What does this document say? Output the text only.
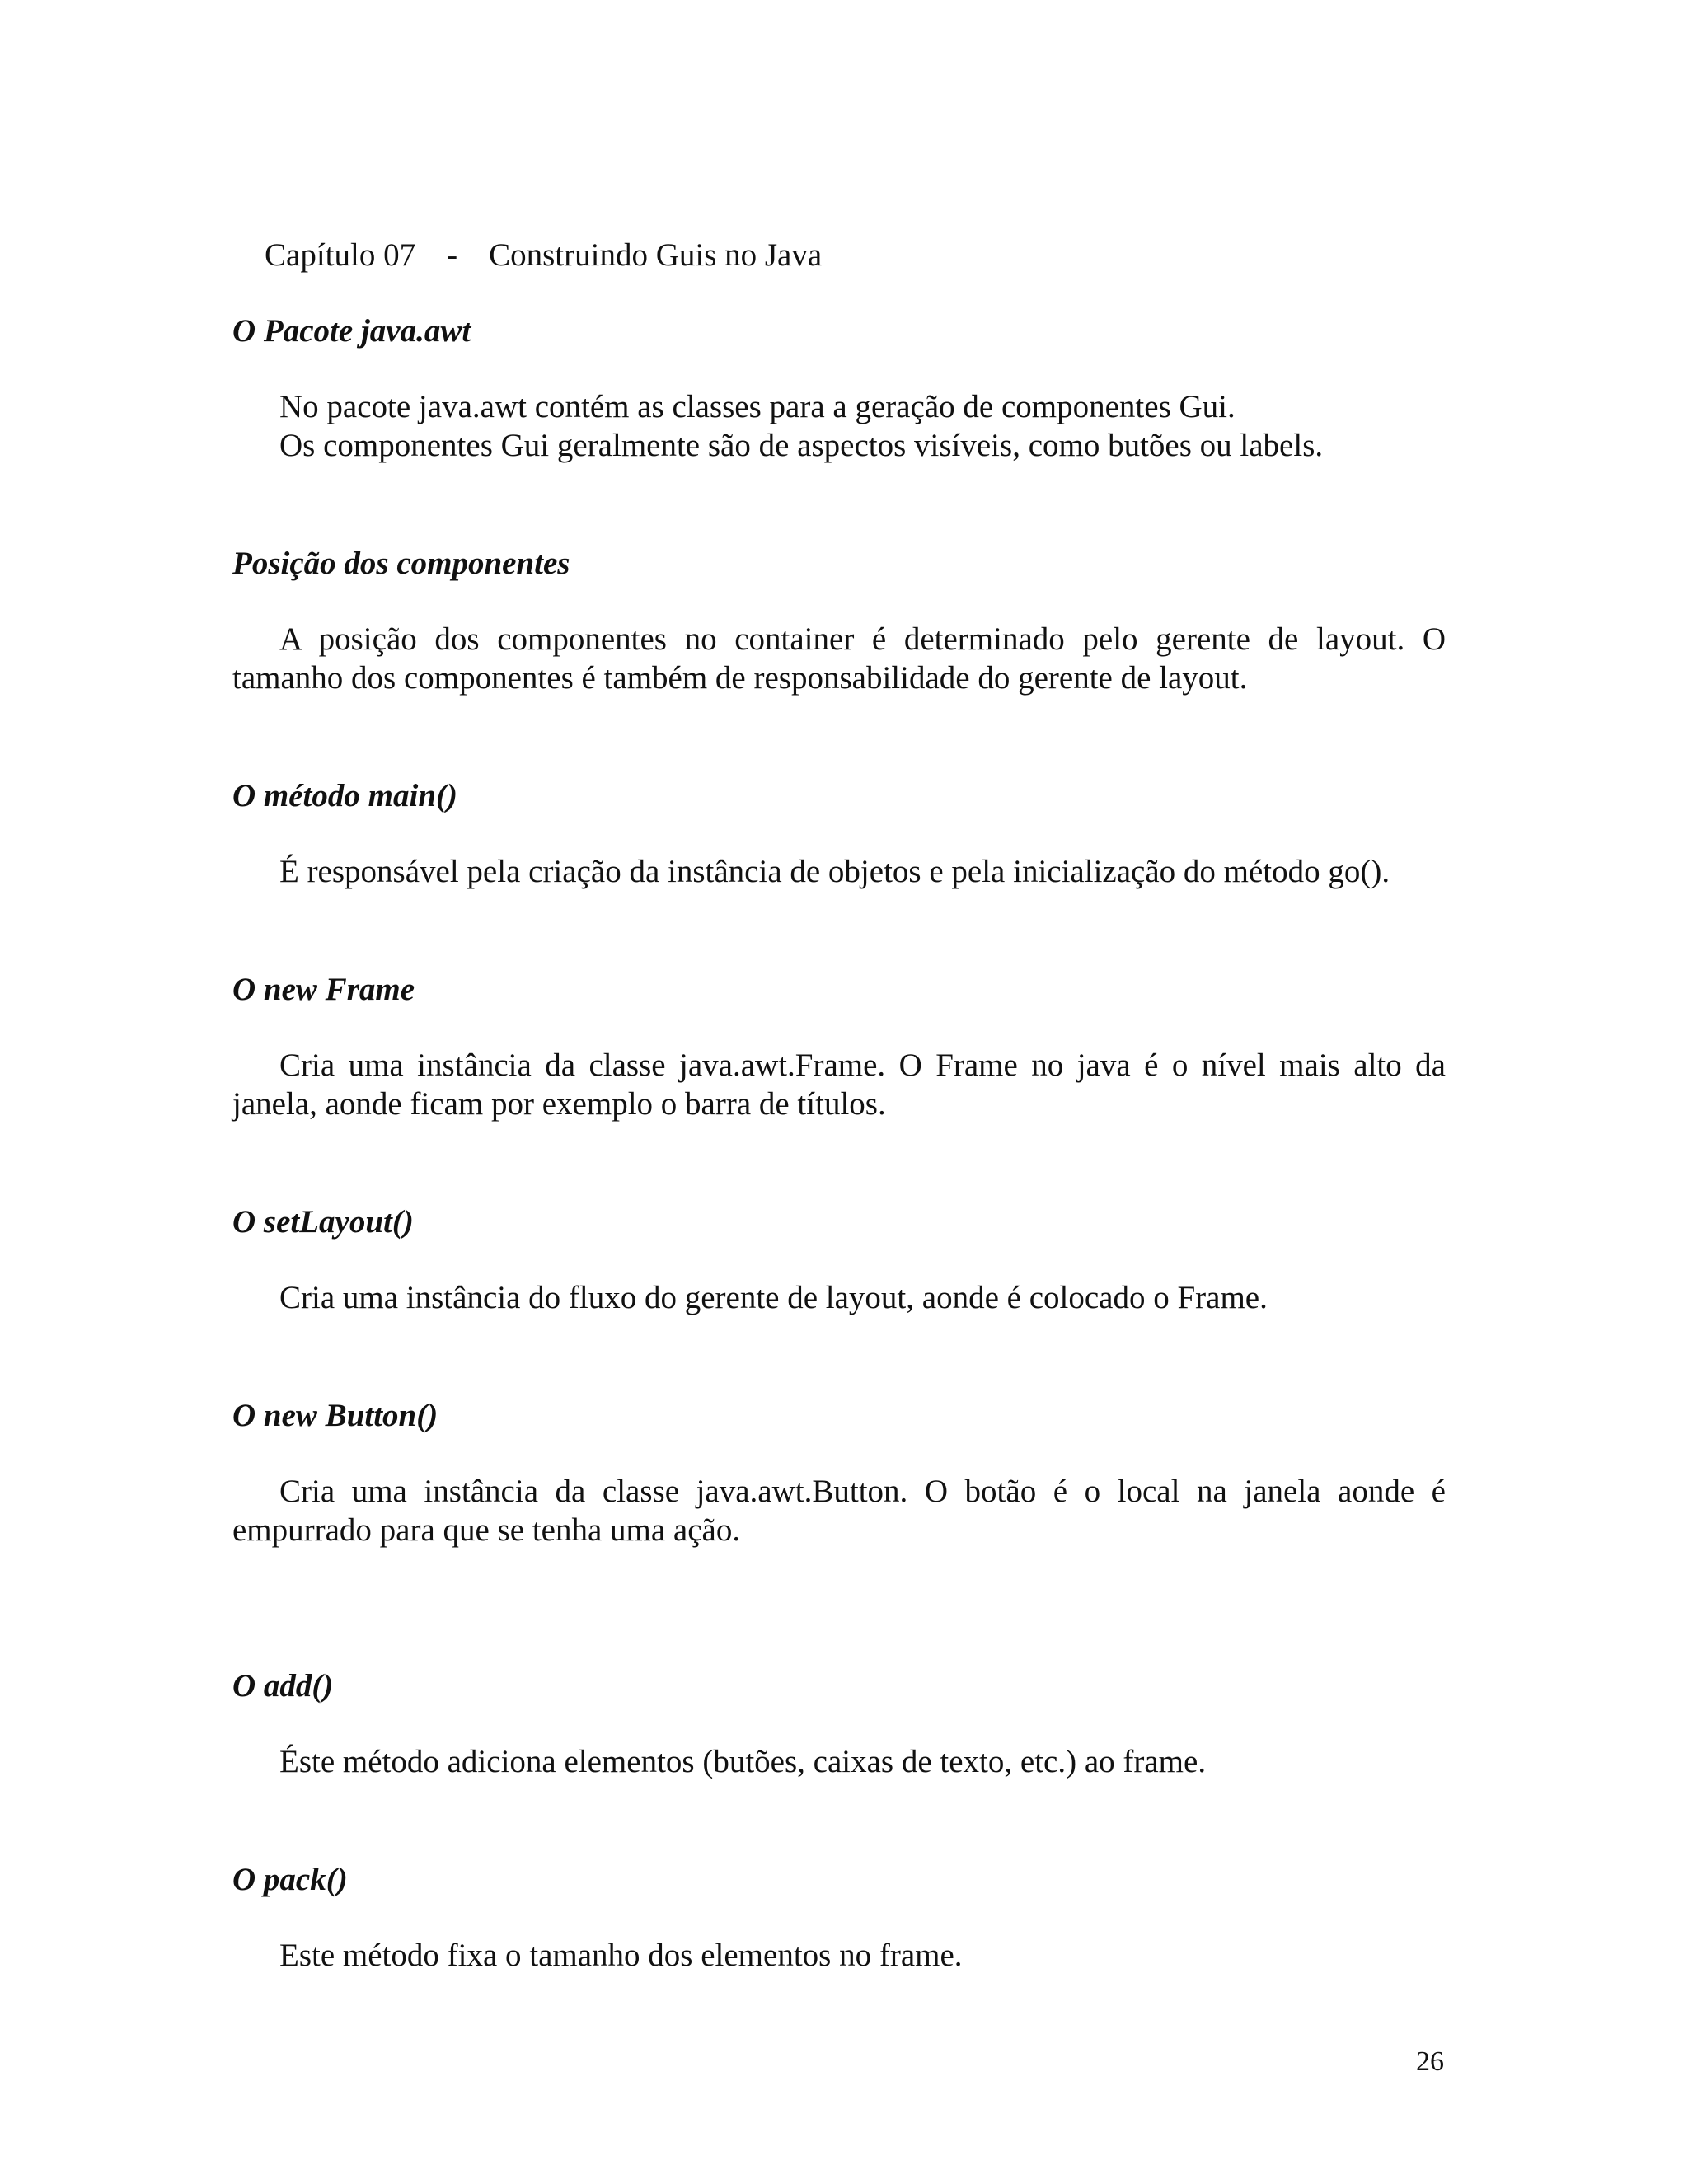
Capítulo 07 - Construindo Guis no Java

O Pacote java.awt
No pacote java.awt contém as classes para a geração de componentes Gui.
Os componentes Gui geralmente são de aspectos visíveis, como butões ou labels.
Posição dos componentes
A posição dos componentes no container é determinado pelo gerente de layout. O tamanho dos componentes é também de responsabilidade do gerente de layout.
O método main()
É responsável pela criação da instância de objetos e pela inicialização do método go().
O new Frame
Cria uma instância da classe java.awt.Frame. O Frame no java é o nível mais alto da janela, aonde ficam por exemplo o barra de títulos.
O setLayout()
Cria uma instância do fluxo do gerente de layout, aonde é colocado o Frame.
O new Button()
Cria uma instância da classe java.awt.Button. O botão é o local na janela aonde é empurrado para que se tenha uma ação.
O add()
Éste método adiciona elementos (butões, caixas de texto, etc.) ao frame.
O pack()
Este método fixa o tamanho dos elementos no frame.
26
